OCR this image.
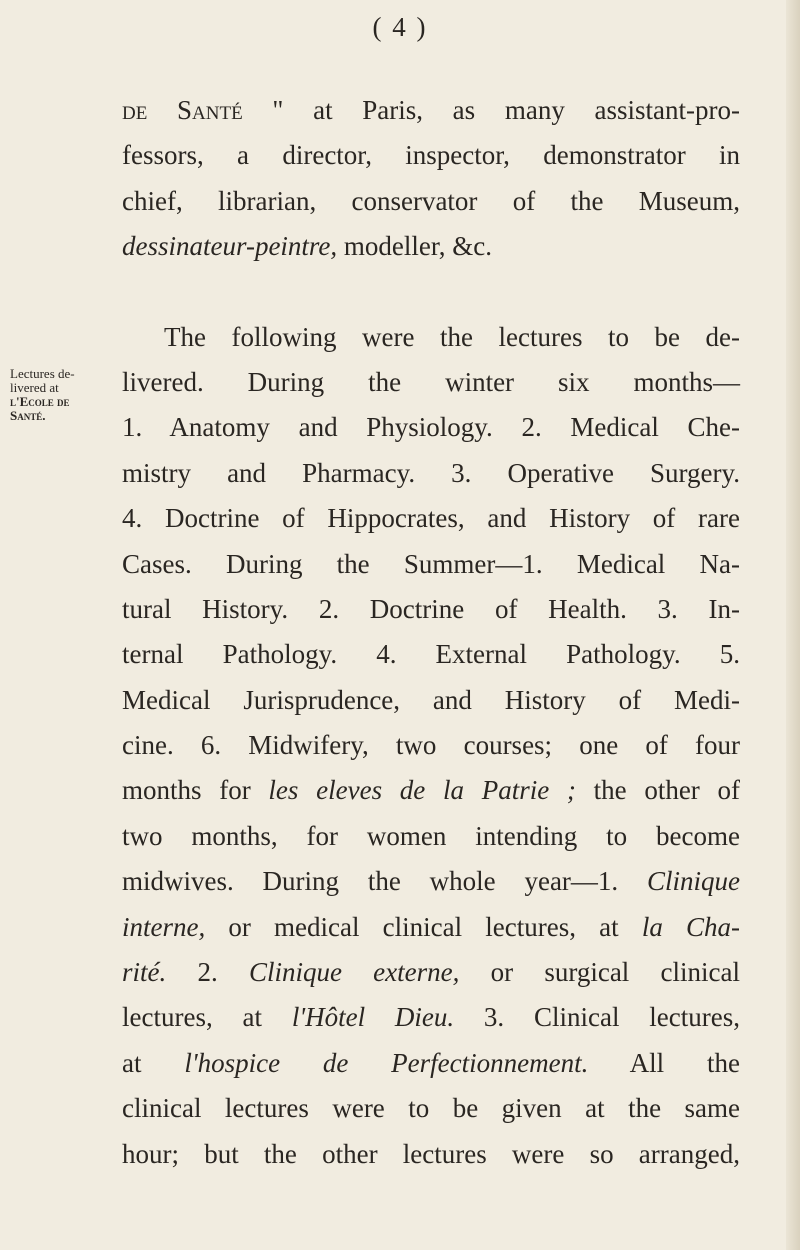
( 4 )
Lectures de-
livered at
l'Ecole de
Santé.
de Santé " at Paris, as many assistant-pro-
fessors, a director, inspector, demonstrator in
chief, librarian, conservator of the Museum,
dessinateur-peintre, modeller, &c.
The following were the lectures to be de-
livered. During the winter six months—
1. Anatomy and Physiology. 2. Medical Che-
mistry and Pharmacy. 3. Operative Surgery.
4. Doctrine of Hippocrates, and History of rare
Cases. During the Summer—1. Medical Na-
tural History. 2. Doctrine of Health. 3. In-
ternal Pathology. 4. External Pathology. 5.
Medical Jurisprudence, and History of Medi-
cine. 6. Midwifery, two courses; one of four
months for les eleves de la Patrie ; the other of
two months, for women intending to become
midwives. During the whole year—1. Clinique
interne, or medical clinical lectures, at la Cha-
rité. 2. Clinique externe, or surgical clinical
lectures, at l'Hôtel Dieu. 3. Clinical lectures,
at l'hospice de Perfectionnement. All the
clinical lectures were to be given at the same
hour; but the other lectures were so arranged,
